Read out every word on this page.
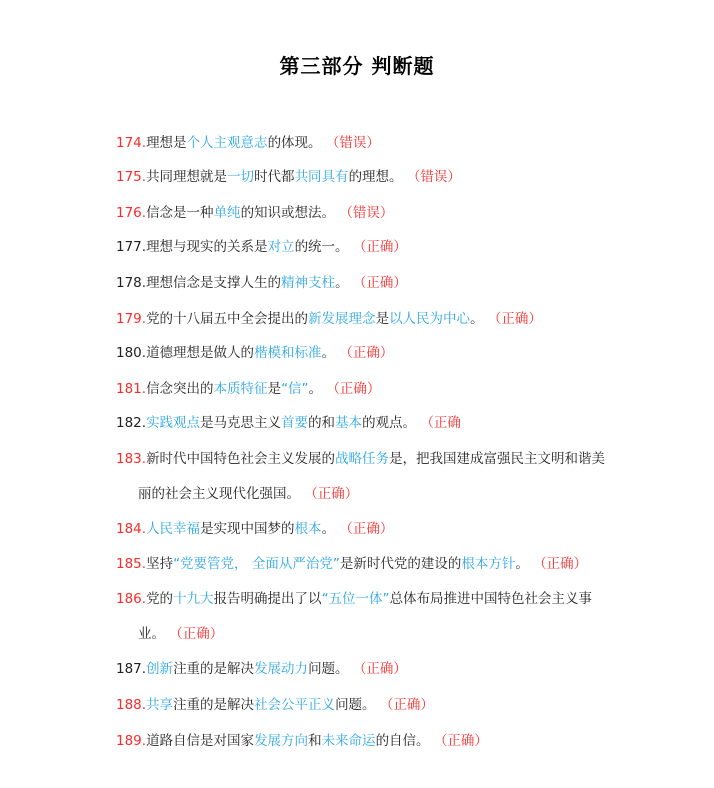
第三部分 判断题
174.理想是个人主观意志的体现。 （错误）
175.共同理想就是一切时代都共同具有的理想。 （错误）
176.信念是一种单纯的知识或想法。 （错误）
177.理想与现实的关系是对立的统一。 （正确）
178.理想信念是支撑人生的精神支柱。 （正确）
179.党的十八届五中全会提出的新发展理念是以人民为中心。 （正确）
180.道德理想是做人的楷模和标准。 （正确）
181.信念突出的本质特征是“信”。 （正确）
182.实践观点是马克思主义首要的和基本的观点。 （正确
183.新时代中国特色社会主义发展的战略任务是，把我国建成富强民主文明和谐美
丽的社会主义现代化强国。 （正确）
184.人民幸福是实现中国梦的根本。 （正确）
185.坚持“党要管党， 全面从严治党”是新时代党的建设的根本方针。 （正确）
186.党的十九大报告明确提出了以“五位一体”总体布局推进中国特色社会主义事
业。 （正确）
187.创新注重的是解决发展动力问题。 （正确）
188.共享注重的是解决社会公平正义问题。 （正确）
189.道路自信是对国家发展方向和未来命运的自信。 （正确）
